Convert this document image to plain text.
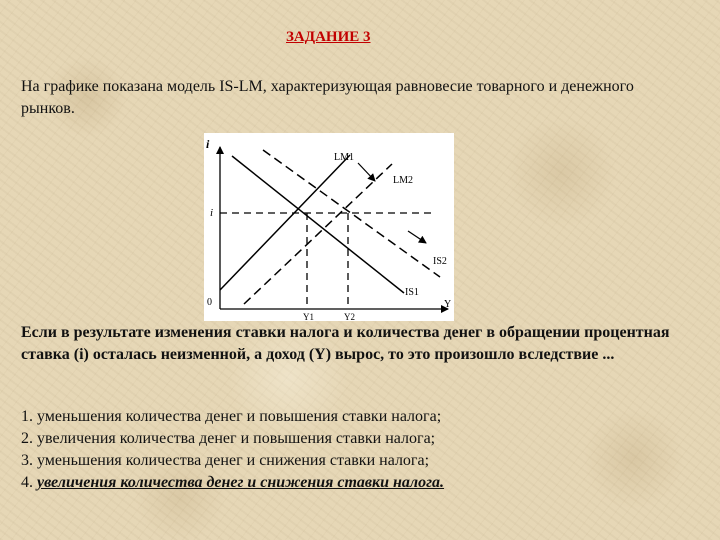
ЗАДАНИЕ 3
На графике показана модель IS-LM, характеризующая равновесие товарного и денежного рынков.
i
Y
0
i
Y1	Y2
LM1
LM2
IS2
IS1
Если в результате изменения ставки налога и количества денег в обращении процентная ставка (i) осталась неизменной, а доход (Y) вырос, то это произошло вследствие ...
1. уменьшения количества денег и повышения ставки налога;
2. увеличения количества денег и повышения ставки налога;
3. уменьшения количества денег и снижения ставки налога;
4. увеличения количества денег и снижения ставки налога.
